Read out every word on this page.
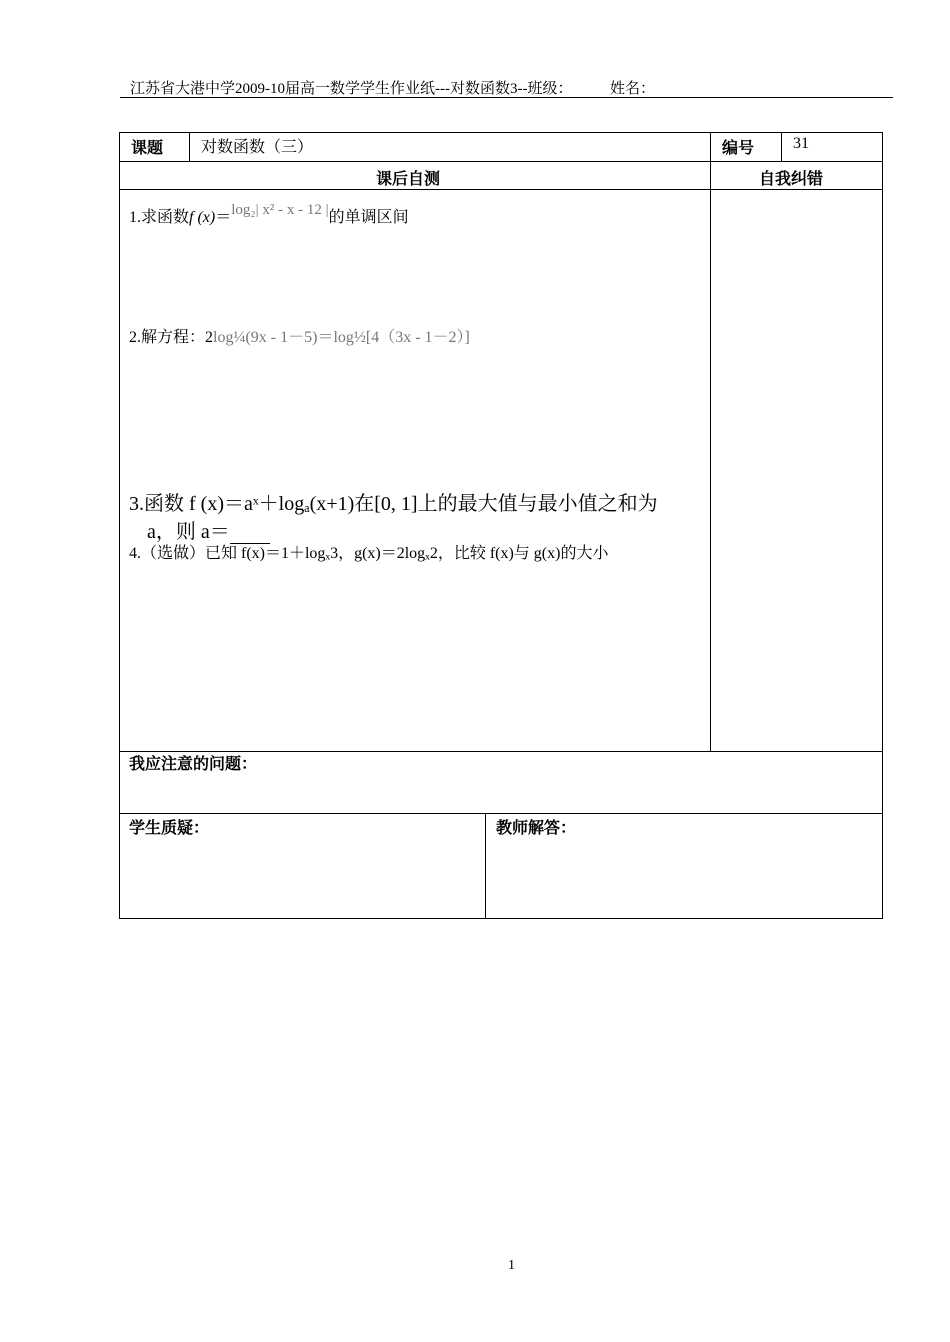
江苏省大港中学2009-10届高一数学学生作业纸---对数函数3--班级：          姓名：
课题 对数函数（三）	编号 31
课后自测	自我纠错
1.求函数f (x)＝log₂| x² - x - 12 |的单调区间
2.解方程：2log¼(9x - 1－5)＝log½[4（3x - 1－2）]
3.函数 f (x)＝aˣ＋logₐ(x+1)在[0, 1]上的最大值与最小值之和为
a，则 a＝
4.（选做）已知 f(x)＝1＋logₓ3，g(x)＝2logₓ2，比较 f(x)与 g(x)的大小
我应注意的问题：
学生质疑：	教师解答：
1
